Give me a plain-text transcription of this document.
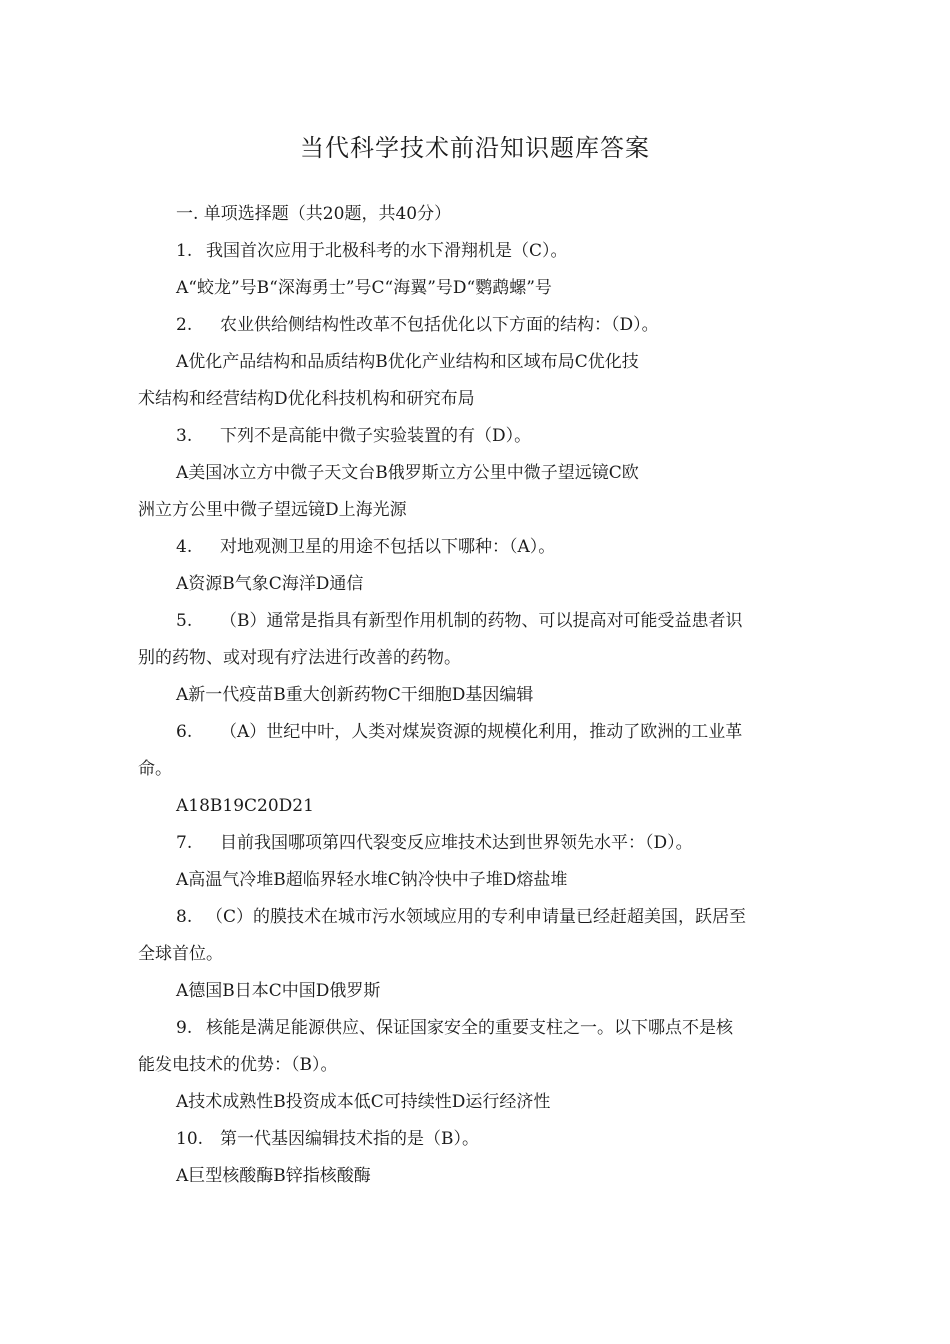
当代科学技术前沿知识题库答案
一. 单项选择题（共20题，共40分）
1. 我国首次应用于北极科考的水下滑翔机是（C）。
A“蛟龙”号B“深海勇士”号C“海翼”号D“鹦鹉螺”号
2. 农业供给侧结构性改革不包括优化以下方面的结构：（D）。
A优化产品结构和品质结构B优化产业结构和区域布局C优化技
术结构和经营结构D优化科技机构和研究布局
3. 下列不是高能中微子实验装置的有（D）。
A美国冰立方中微子天文台B俄罗斯立方公里中微子望远镜C欧
洲立方公里中微子望远镜D上海光源
4. 对地观测卫星的用途不包括以下哪种：（A）。
A资源B气象C海洋D通信
5. （B）通常是指具有新型作用机制的药物、可以提高对可能受益患者识
别的药物、或对现有疗法进行改善的药物。
A新一代疫苗B重大创新药物C干细胞D基因编辑
6. （A）世纪中叶，人类对煤炭资源的规模化利用，推动了欧洲的工业革
命。
A18B19C20D21
7. 目前我国哪项第四代裂变反应堆技术达到世界领先水平：（D）。
A高温气冷堆B超临界轻水堆C钠冷快中子堆D熔盐堆
8. （C）的膜技术在城市污水领域应用的专利申请量已经赶超美国，跃居至
全球首位。
A德国B日本C中国D俄罗斯
9. 核能是满足能源供应、保证国家安全的重要支柱之一。以下哪点不是核
能发电技术的优势：（B）。
A技术成熟性B投资成本低C可持续性D运行经济性
10. 第一代基因编辑技术指的是（B）。
A巨型核酸酶B锌指核酸酶
